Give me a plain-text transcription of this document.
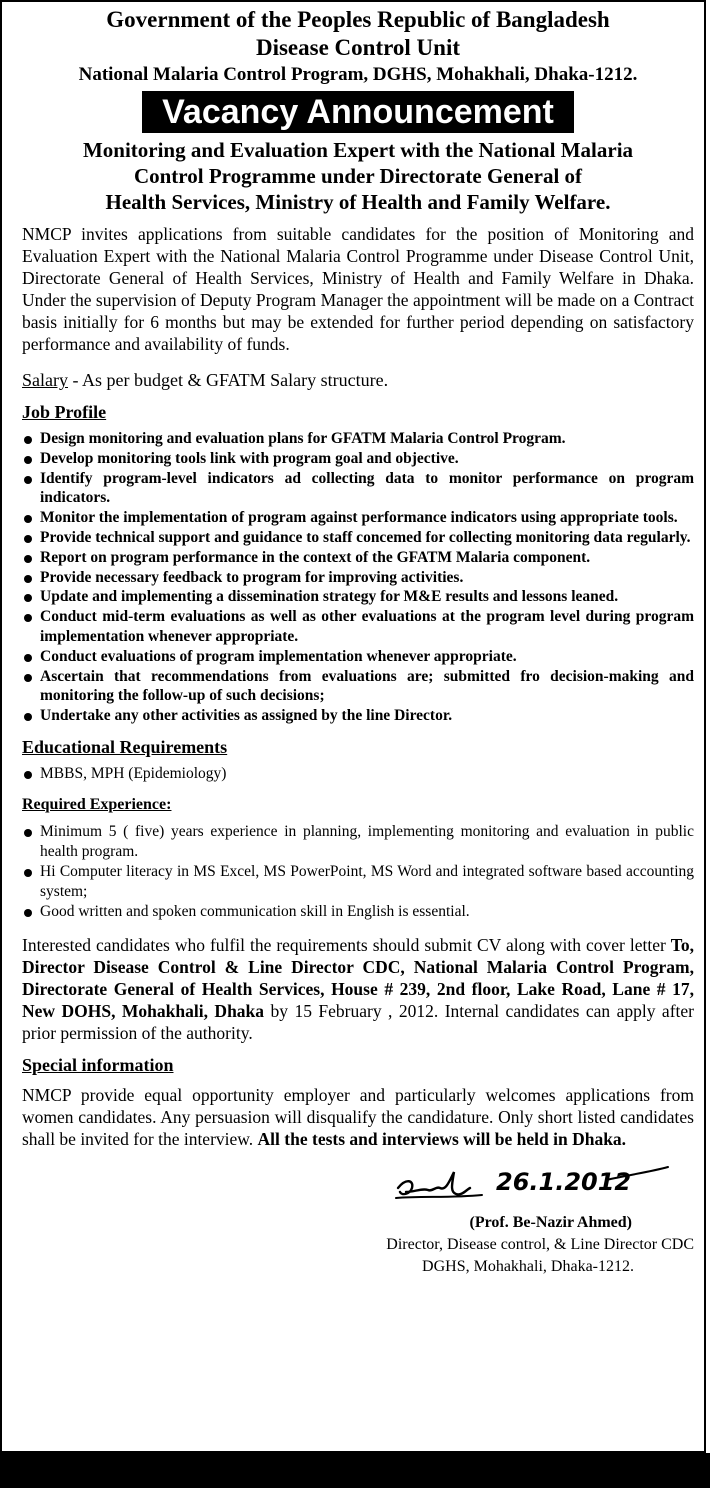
Government of the Peoples Republic of Bangladesh
Disease Control Unit
National Malaria Control Program, DGHS, Mohakhali, Dhaka-1212.
Vacancy Announcement
Monitoring and Evaluation Expert with the National Malaria
Control Programme under Directorate General of
Health Services, Ministry of Health and Family Welfare.

NMCP invites applications from suitable candidates for the position of Monitoring and Evaluation Expert with the National Malaria Control Programme under Disease Control Unit, Directorate General of Health Services, Ministry of Health and Family Welfare in Dhaka. Under the supervision of Deputy Program Manager the appointment will be made on a Contract basis initially for 6 months but may be extended for further period depending on satisfactory performance and availability of funds.

Salary - As per budget & GFATM Salary structure.
Job Profile
Design monitoring and evaluation plans for GFATM Malaria Control Program.
Develop monitoring tools link with program goal and objective.
Identify program-level indicators ad collecting data to monitor performance on program indicators.
Monitor the implementation of program against performance indicators using appropriate tools.
Provide technical support and guidance to staff concemed for collecting monitoring data regularly.
Report on program performance in the context of the GFATM Malaria component.
Provide necessary feedback to program for improving activities.
Update and implementing a dissemination strategy for M&E results and lessons leaned.
Conduct mid-term evaluations as well as other evaluations at the program level during program implementation whenever appropriate.
Conduct evaluations of program implementation whenever appropriate.
Ascertain that recommendations from evaluations are; submitted fro decision-making and monitoring the follow-up of such decisions;
Undertake any other activities as assigned by the line Director.
Educational Requirements
MBBS, MPH (Epidemiology)
Required Experience:
Minimum 5 ( five) years experience in planning, implementing monitoring and evaluation in public health program.
Hi Computer literacy in MS Excel, MS PowerPoint, MS Word and integrated software based accounting system;
Good written and spoken communication skill in English is essential.

Interested candidates who fulfil the requirements should submit CV along with cover letter To, Director Disease Control & Line Director CDC, National Malaria Control Program, Directorate General of Health Services, House # 239, 2nd floor, Lake Road, Lane # 17, New DOHS, Mohakhali, Dhaka by 15 February , 2012. Internal candidates can apply after prior permission of the authority.

Special information

NMCP provide equal opportunity employer and particularly welcomes applications from women candidates. Any persuasion will disqualify the candidature. Only short listed candidates shall be invited for the interview. All the tests and interviews will be held in Dhaka.

26.1.2012
(Prof. Be-Nazir Ahmed)
Director, Disease control, & Line Director CDC
DGHS, Mohakhali, Dhaka-1212.
